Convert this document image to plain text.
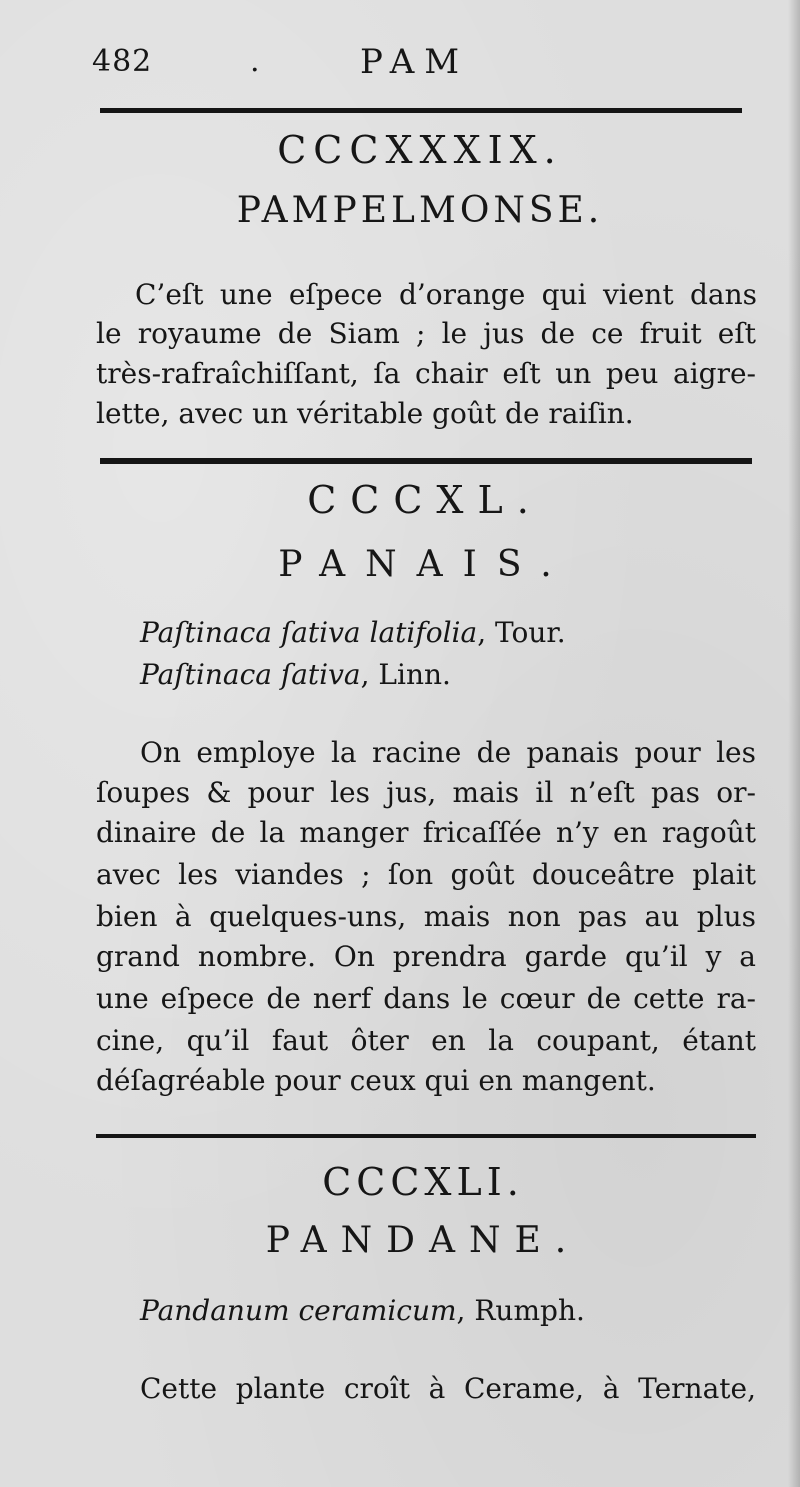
482	.	PAM
CCCXXXIX.
PAMPELMONSE.
C’eſt une eſpece d’orange qui vient dans
le royaume de Siam ; le jus de ce fruit eſt
très-rafraîchiſſant, ſa chair eſt un peu aigre-
lette, avec un véritable goût de raiſin.
CCCXL.
PANAIS.
Paſtinaca ſativa latifolia, Tour.
Paſtinaca ſativa, Linn.
On employe la racine de panais pour les
ſoupes & pour les jus, mais il n’eſt pas or-
dinaire de la manger fricaſſée n’y en ragoût
avec les viandes ; ſon goût douceâtre plait
bien à quelques-uns, mais non pas au plus
grand nombre. On prendra garde qu’il y a
une eſpece de nerf dans le cœur de cette ra-
cine, qu’il faut ôter en la coupant, étant
déſagréable pour ceux qui en mangent.
CCCXLI.
PANDANE.
Pandanum ceramicum, Rumph.
Cette plante croît à Cerame, à Ternate,
